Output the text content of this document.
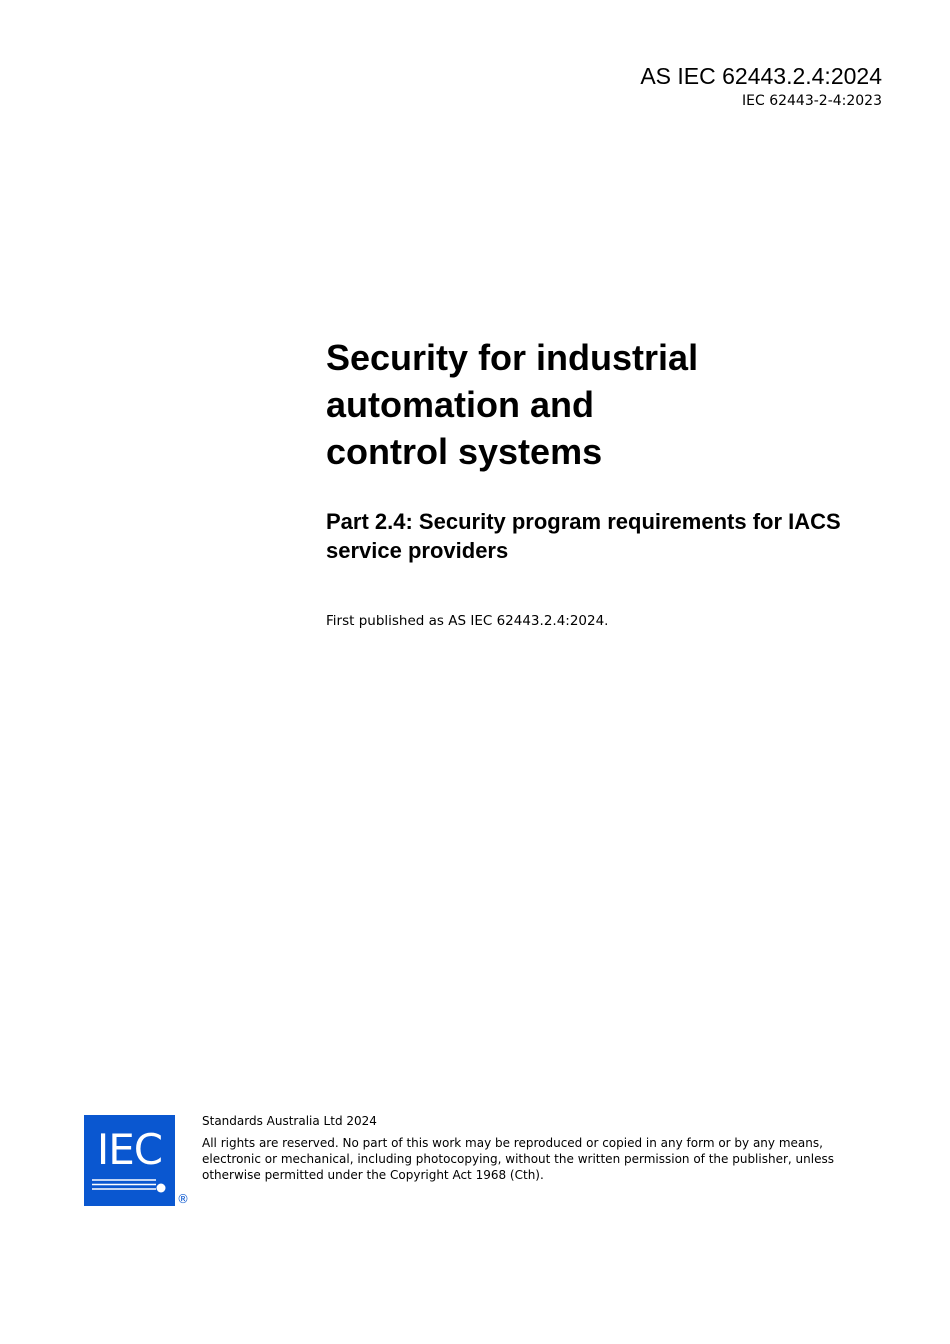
AS IEC 62443.2.4:2024
IEC 62443-2-4:2023
Security for industrial
automation and
control systems
Part 2.4: Security program requirements for IACS
service providers
First published as AS IEC 62443.2.4:2024.
IEC
®
Standards Australia Ltd 2024
All rights are reserved. No part of this work may be reproduced or copied in any form or by any means,
electronic or mechanical, including photocopying, without the written permission of the publisher, unless
otherwise permitted under the Copyright Act 1968 (Cth).
